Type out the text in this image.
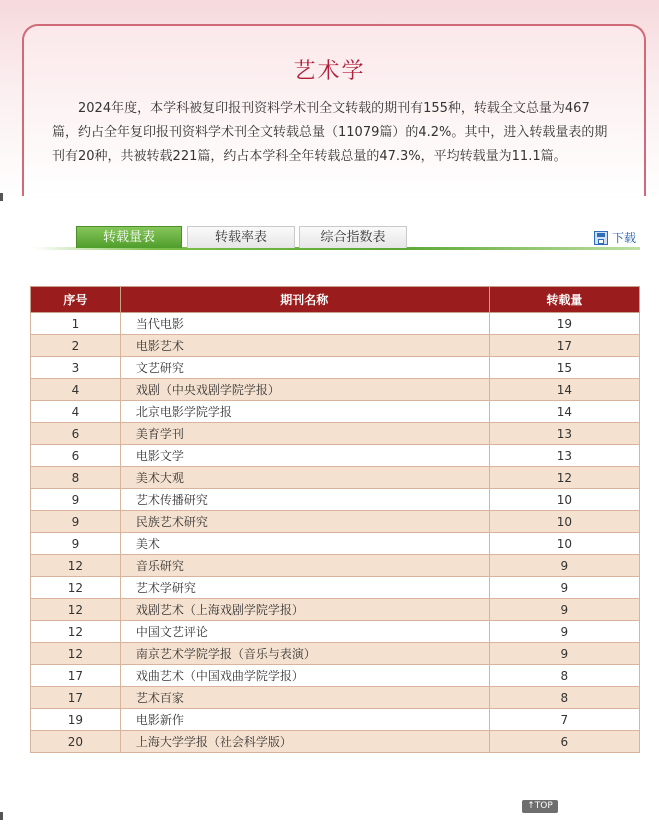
艺术学

2024年度，本学科被复印报刊资料学术刊全文转载的期刊有155种，转载全文总量为467篇，约占全年复印报刊资料学术刊全文转载总量（11079篇）的4.2%。其中，进入转载量表的期刊有20种，共被转载221篇，约占本学科全年转载总量的47.3%，平均转载量为11.1篇。

转载量表	转载率表	综合指数表	下载
序号	期刊名称	转载量
1	当代电影	19
2	电影艺术	17
3	文艺研究	15
4	戏剧（中央戏剧学院学报）	14
4	北京电影学院学报	14
6	美育学刊	13
6	电影文学	13
8	美术大观	12
9	艺术传播研究	10
9	民族艺术研究	10
9	美术	10
12	音乐研究	9
12	艺术学研究	9
12	戏剧艺术（上海戏剧学院学报）	9
12	中国文艺评论	9
12	南京艺术学院学报（音乐与表演）	9
17	戏曲艺术（中国戏曲学院学报）	8
17	艺术百家	8
19	电影新作	7
20	上海大学学报（社会科学版）	6
↑TOP
